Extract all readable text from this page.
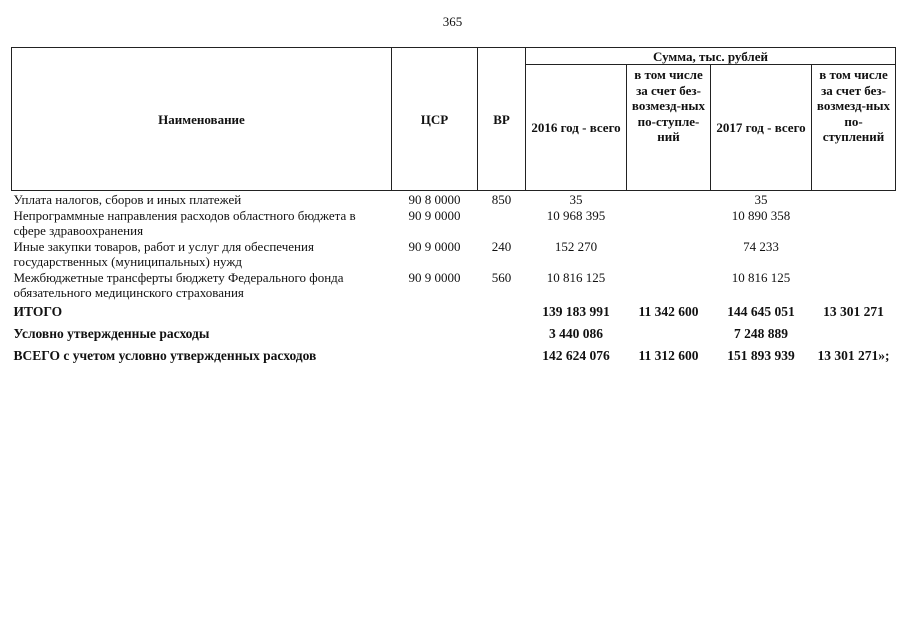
365
Наименование	ЦСР	ВР	Сумма, тыс. рублей			
			2016 год - всего	в том числе за счет без-возмезд-ных по-ступле-ний	2017 год - всего	в том числе за счет без-возмезд-ных по-ступлений
Уплата налогов, сборов и иных платежей	90 8 0000	850	35		35	
Непрограммные направления расходов областного бюджета в сфере здравоохранения	90 9 0000		10 968 395		10 890 358	
Иные закупки товаров, работ и услуг для обеспечения государственных (муниципальных) нужд	90 9 0000	240	152 270		74 233	
Межбюджетные трансферты бюджету Федерального фонда обязательного медицинского страхования	90 9 0000	560	10 816 125		10 816 125	
ИТОГО			139 183 991	11 342 600	144 645 051	13 301 271
Условно утвержденные расходы			3 440 086		7 248 889	
ВСЕГО с учетом условно утвержденных расходов			142 624 076	11 312 600	151 893 939	13 301 271»;
